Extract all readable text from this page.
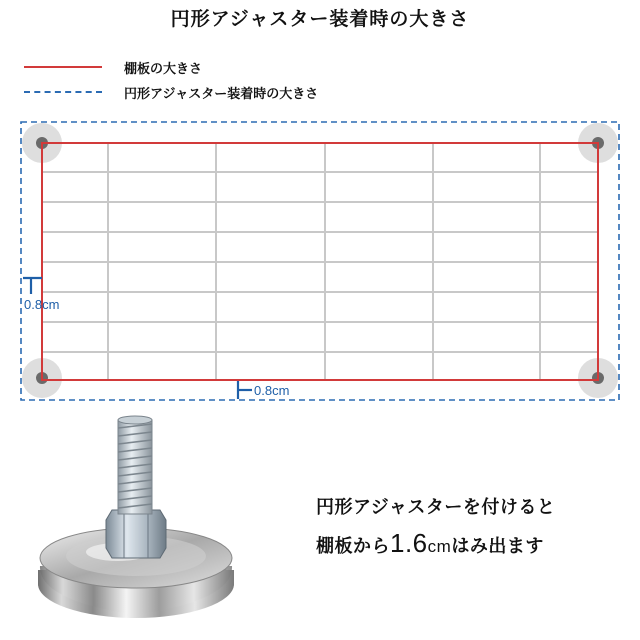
円形アジャスター装着時の大きさ
棚板の大きさ
円形アジャスター装着時の大きさ
0.8cm
0.8cm
円形アジャスターを付けると
棚板から1.6cmはみ出ます
